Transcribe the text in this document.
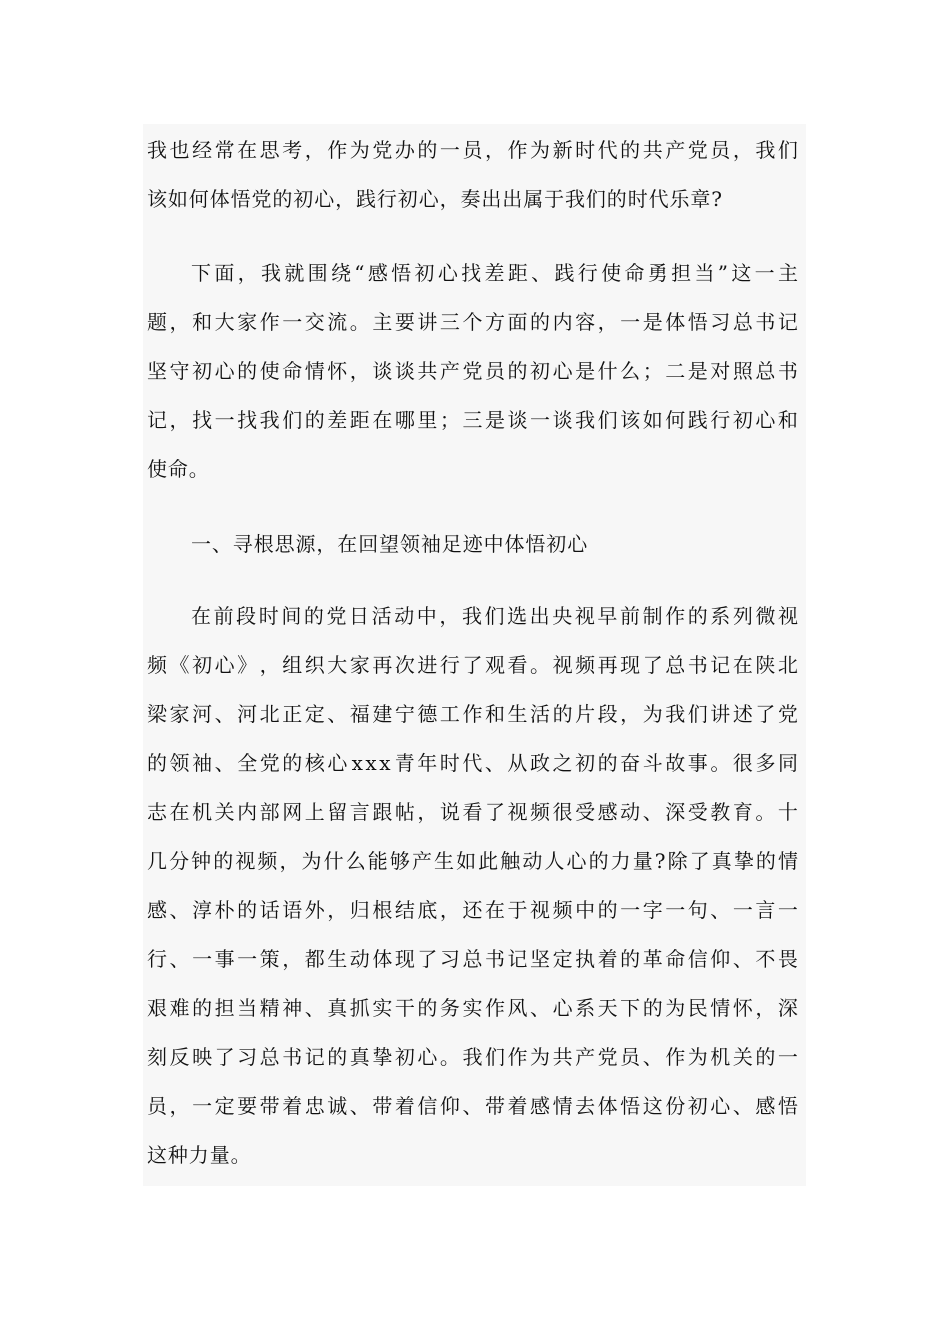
我 也 经 常 在 思 考 ， 作 为 党 办 的 一 员 ， 作 为 新 时 代 的 共 产 党 员 ， 我 们
该如何体悟党的初心，践行初心，奏出出属于我们的时代乐章?
下 面 ， 我 就 围 绕 “ 感 悟 初 心 找 差 距 、 践 行 使 命 勇 担 当 ” 这 一 主
题 ， 和 大 家 作 一 交 流 。 主 要 讲 三 个 方 面 的 内 容 ， 一 是 体 悟 习 总 书 记
坚 守 初 心 的 使 命 情 怀 ， 谈 谈 共 产 党 员 的 初 心 是 什 么 ； 二 是 对 照 总 书
记 ， 找 一 找 我 们 的 差 距 在 哪 里 ； 三 是 谈 一 谈 我 们 该 如 何 践 行 初 心 和
使命。
一、寻根思源，在回望领袖足迹中体悟初心
在 前 段 时 间 的 党 日 活 动 中 ， 我 们 选 出 央 视 早 前 制 作 的 系 列 微 视
频 《 初 心 》 ， 组 织 大 家 再 次 进 行 了 观 看 。 视 频 再 现 了 总 书 记 在 陕 北
梁 家 河 、 河 北 正 定 、 福 建 宁 德 工 作 和 生 活 的 片 段 ， 为 我 们 讲 述 了 党
的 领 袖 、 全 党 的 核 心 x x x 青 年 时 代 、 从 政 之 初 的 奋 斗 故 事 。 很 多 同
志 在 机 关 内 部 网 上 留 言 跟 帖 ， 说 看 了 视 频 很 受 感 动 、 深 受 教 育 。 十
几 分 钟 的 视 频 ， 为 什 么 能 够 产 生 如 此 触 动 人 心 的 力 量 ? 除 了 真 挚 的 情
感 、 淳 朴 的 话 语 外 ， 归 根 结 底 ， 还 在 于 视 频 中 的 一 字 一 句 、 一 言 一
行 、 一 事 一 策 ， 都 生 动 体 现 了 习 总 书 记 坚 定 执 着 的 革 命 信 仰 、 不 畏
艰 难 的 担 当 精 神 、 真 抓 实 干 的 务 实 作 风 、 心 系 天 下 的 为 民 情 怀 ， 深
刻 反 映 了 习 总 书 记 的 真 挚 初 心 。 我 们 作 为 共 产 党 员 、 作 为 机 关 的 一
员 ， 一 定 要 带 着 忠 诚 、 带 着 信 仰 、 带 着 感 情 去 体 悟 这 份 初 心 、 感 悟
这种力量。
